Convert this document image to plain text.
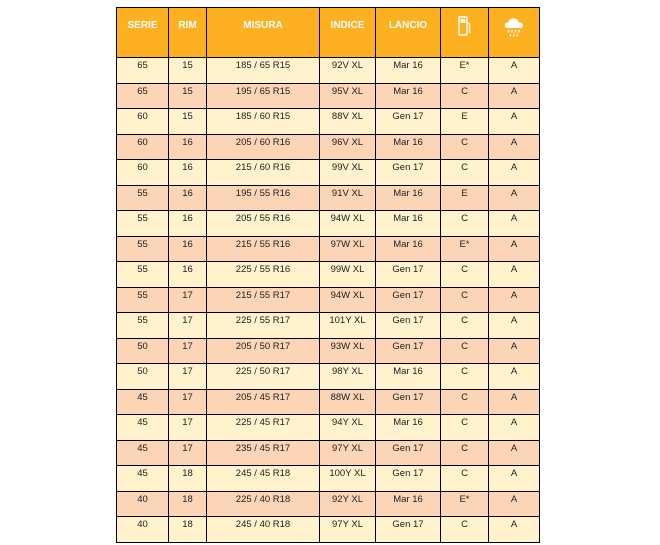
SERIE	RIM	MISURA	INDICE	LANCIO	

65	15	185 / 65 R15	92V XL	Mar 16	E*	A
65	15	195 / 65 R15	95V XL	Mar 16	C	A
60	15	185 / 60 R15	88V XL	Gen 17	E	A
60	16	205 / 60 R16	96V XL	Mar 16	C	A
60	16	215 / 60 R16	99V XL	Gen 17	C	A
55	16	195 / 55 R16	91V XL	Mar 16	E	A
55	16	205 / 55 R16	94W XL	Mar 16	C	A
55	16	215 / 55 R16	97W XL	Mar 16	E*	A
55	16	225 / 55 R16	99W XL	Gen 17	C	A
55	17	215 / 55 R17	94W XL	Gen 17	C	A
55	17	225 / 55 R17	101Y XL	Gen 17	C	A
50	17	205 / 50 R17	93W XL	Gen 17	C	A
50	17	225 / 50 R17	98Y XL	Mar 16	C	A
45	17	205 / 45 R17	88W XL	Gen 17	C	A
45	17	225 / 45 R17	94Y XL	Mar 16	C	A
45	17	235 / 45 R17	97Y XL	Gen 17	C	A
45	18	245 / 45 R18	100Y XL	Gen 17	C	A
40	18	225 / 40 R18	92Y XL	Mar 16	E*	A
40	18	245 / 40 R18	97Y XL	Gen 17	C	A
